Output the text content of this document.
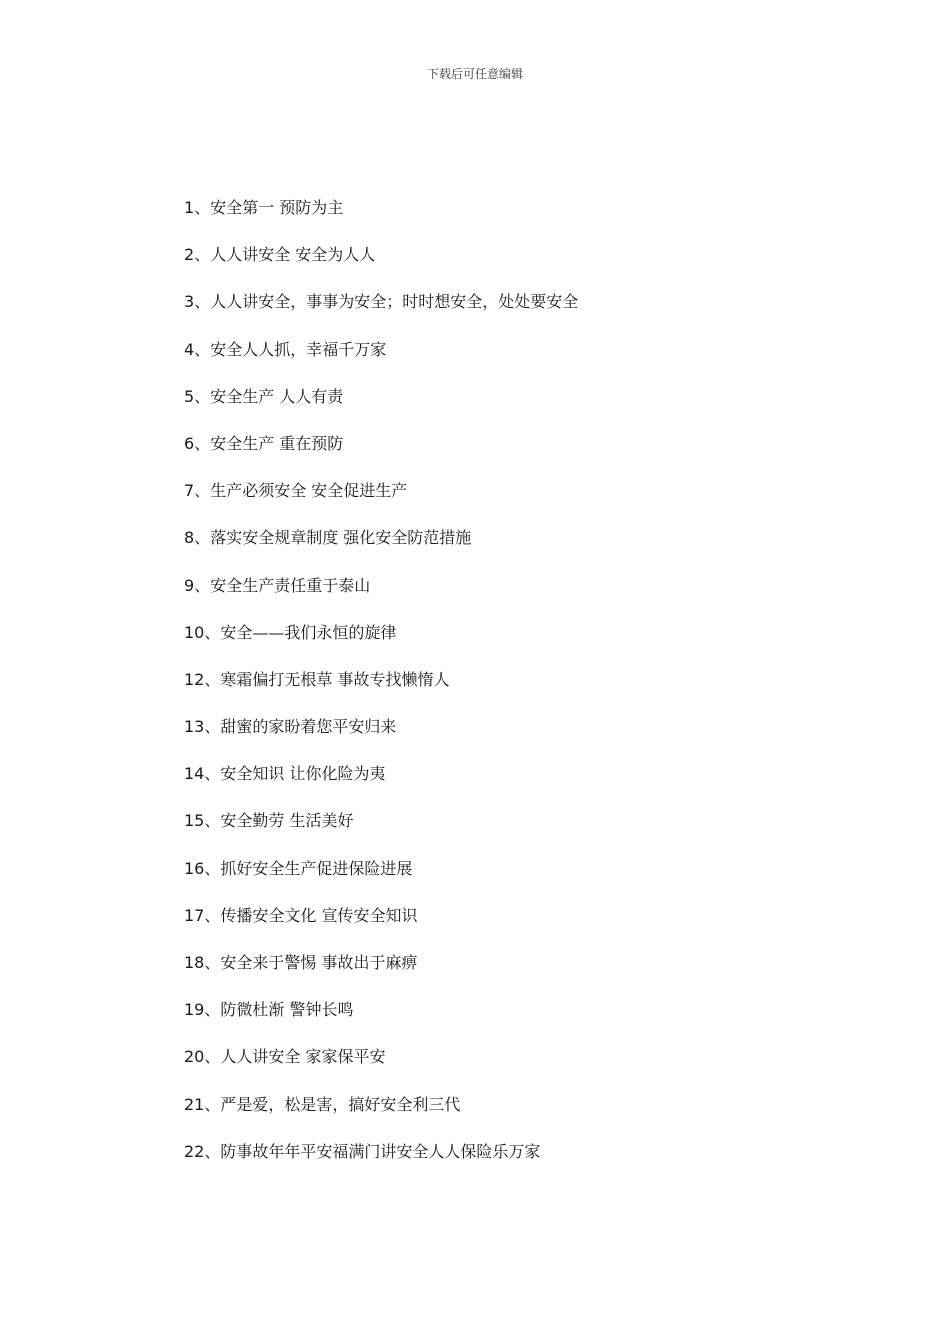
下载后可任意编辑
1、安全第一 预防为主
2、人人讲安全 安全为人人
3、人人讲安全，事事为安全；时时想安全，处处要安全
4、安全人人抓，幸福千万家
5、安全生产 人人有责
6、安全生产 重在预防
7、生产必须安全 安全促进生产
8、落实安全规章制度 强化安全防范措施
9、安全生产责任重于泰山
10、安全——我们永恒的旋律
12、寒霜偏打无根草 事故专找懒惰人
13、甜蜜的家盼着您平安归来
14、安全知识 让你化险为夷
15、安全勤劳 生活美好
16、抓好安全生产促进保险进展
17、传播安全文化 宣传安全知识
18、安全来于警惕 事故出于麻痹
19、防微杜渐 警钟长鸣
20、人人讲安全 家家保平安
21、严是爱，松是害，搞好安全利三代
22、防事故年年平安福满门讲安全人人保险乐万家
